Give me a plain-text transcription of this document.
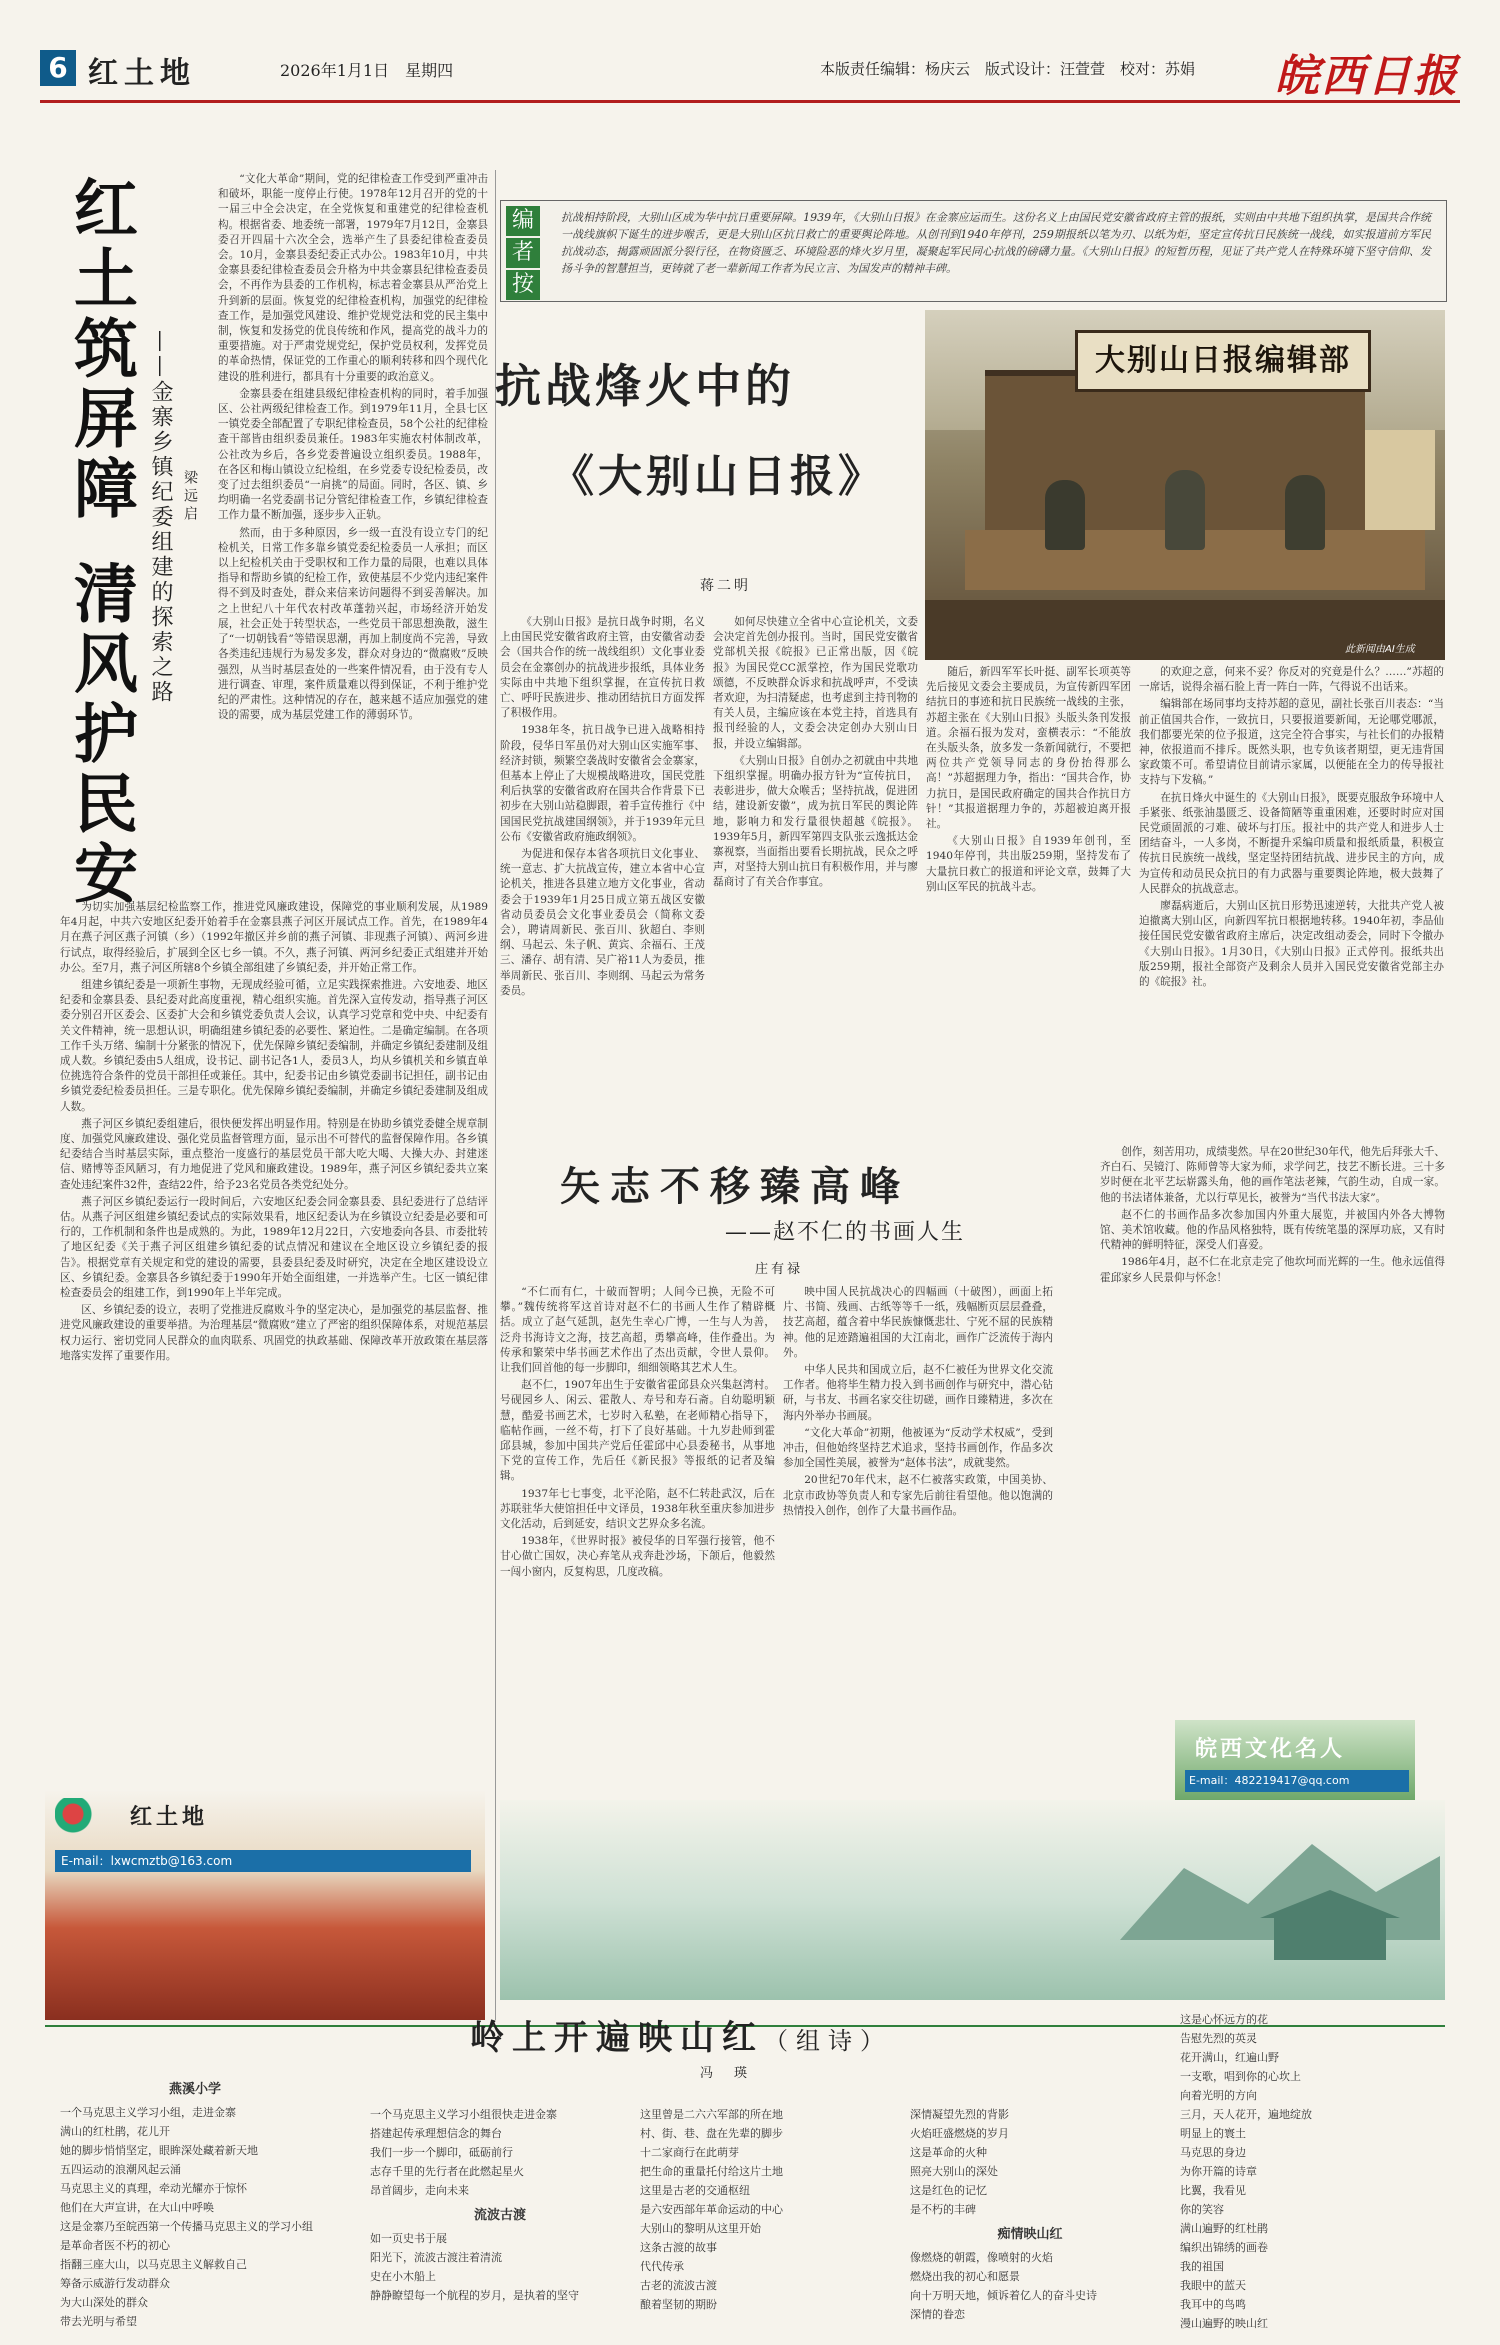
6 红土地	2026年1月1日　星期四	本版责任编辑：杨庆云　版式设计：汪萱萱　校对：苏娟 皖西日报
红土筑屏障
清风护民安
——金寨乡镇纪委组建的探索之路 梁远启

“文化大革命”期间，党的纪律检查工作受到严重冲击和破坏，职能一度停止行使。1978年12月召开的党的十一届三中全会决定，在全党恢复和重建党的纪律检查机构。根据省委、地委统一部署，1979年7月12日，金寨县委召开四届十六次全会，选举产生了县委纪律检查委员会。10月，金寨县委纪委正式办公。1983年10月，中共金寨县委纪律检查委员会升格为中共金寨县纪律检查委员会，不再作为县委的工作机构，标志着金寨县从严治党上升到新的层面。恢复党的纪律检查机构，加强党的纪律检查工作，是加强党风建设、维护党规党法和党的民主集中制，恢复和发扬党的优良传统和作风，提高党的战斗力的重要措施。对于严肃党规党纪，保护党员权利，发挥党员的革命热情，保证党的工作重心的顺利转移和四个现代化建设的胜利进行，都具有十分重要的政治意义。

金寨县委在组建县级纪律检查机构的同时，着手加强区、公社两级纪律检查工作。到1979年11月，全县七区一镇党委全部配置了专职纪律检查员，58个公社的纪律检查干部皆由组织委员兼任。1983年实施农村体制改革，公社改为乡后，各乡党委普遍设立组织委员。1988年，在各区和梅山镇设立纪检组，在乡党委专设纪检委员，改变了过去组织委员“一肩挑”的局面。同时，各区、镇、乡均明确一名党委副书记分管纪律检查工作，乡镇纪律检查工作力量不断加强，逐步步入正轨。

然而，由于多种原因，乡一级一直没有设立专门的纪检机关，日常工作多靠乡镇党委纪检委员一人承担；而区以上纪检机关由于受职权和工作力量的局限，也难以具体指导和帮助乡镇的纪检工作，致使基层不少党内违纪案件得不到及时查处，群众来信来访问题得不到妥善解决。加之上世纪八十年代农村改革蓬勃兴起，市场经济开始发展，社会正处于转型状态，一些党员干部思想涣散，滋生了“一切朝钱看”等错误思潮，再加上制度尚不完善，导致各类违纪违规行为易发多发，群众对身边的“微腐败”反映强烈，从当时基层查处的一些案件情况看，由于没有专人进行调查、审理，案件质量难以得到保证，不利于维护党纪的严肃性。这种情况的存在，越来越不适应加强党的建设的需要，成为基层党建工作的薄弱环节。

为切实加强基层纪检监察工作，推进党风廉政建设，保障党的事业顺利发展，从1989年4月起，中共六安地区纪委开始着手在金寨县燕子河区开展试点工作。首先，在1989年4月在燕子河区燕子河镇（乡）（1992年撤区并乡前的燕子河镇、非现燕子河镇）、两河乡进行试点，取得经验后，扩展到全区七乡一镇。不久，燕子河镇、两河乡纪委正式组建并开始办公。至7月，燕子河区所辖8个乡镇全部组建了乡镇纪委，并开始正常工作。

组建乡镇纪委是一项新生事物，无现成经验可循，立足实践探索推进。六安地委、地区纪委和金寨县委、县纪委对此高度重视，精心组织实施。首先深入宣传发动，指导燕子河区委分别召开区委会、区委扩大会和乡镇党委负责人会议，认真学习党章和党中央、中纪委有关文件精神，统一思想认识，明确组建乡镇纪委的必要性、紧迫性。二是确定编制。在各项工作千头万绪、编制十分紧张的情况下，优先保障乡镇纪委编制，并确定乡镇纪委建制及组成人数。乡镇纪委由5人组成，设书记、副书记各1人，委员3人，均从乡镇机关和乡镇直单位挑选符合条件的党员干部担任或兼任。其中，纪委书记由乡镇党委副书记担任，副书记由乡镇党委纪检委员担任。三是专职化。优先保障乡镇纪委编制，并确定乡镇纪委建制及组成人数。

燕子河区乡镇纪委组建后，很快便发挥出明显作用。特别是在协助乡镇党委健全规章制度、加强党风廉政建设、强化党员监督管理方面，显示出不可替代的监督保障作用。各乡镇纪委结合当时基层实际，重点整治一度盛行的基层党员干部大吃大喝、大操大办、封建迷信、赌博等歪风陋习，有力地促进了党风和廉政建设。1989年，燕子河区乡镇纪委共立案查处违纪案件32件，查结22件，给予23名党员各类党纪处分。

燕子河区乡镇纪委运行一段时间后，六安地区纪委会同金寨县委、县纪委进行了总结评估。从燕子河区组建乡镇纪委试点的实际效果看，地区纪委认为在乡镇设立纪委是必要和可行的，工作机制和条件也是成熟的。为此，1989年12月22日，六安地委向各县、市委批转了地区纪委《关于燕子河区组建乡镇纪委的试点情况和建议在全地区设立乡镇纪委的报告》。根据党章有关规定和党的建设的需要，县委县纪委及时研究，决定在全地区建设设立区、乡镇纪委。金寨县各乡镇纪委于1990年开始全面组建，一并选举产生。七区一镇纪律检查委员会的组建工作，到1990年上半年完成。

区、乡镇纪委的设立，表明了党推进反腐败斗争的坚定决心，是加强党的基层监督、推进党风廉政建设的重要举措。为治理基层“微腐败”建立了严密的组织保障体系，对规范基层权力运行、密切党同人民群众的血肉联系、巩固党的执政基础、保障改革开放政策在基层落地落实发挥了重要作用。

红土地
E-mail：lxwcmztb@163.com
编
者
按
抗战相持阶段，大别山区成为华中抗日重要屏障。1939年，《大别山日报》在金寨应运而生。这份名义上由国民党安徽省政府主管的报纸，实则由中共地下组织执掌，是国共合作统一战线旗帜下诞生的进步喉舌，更是大别山区抗日救亡的重要舆论阵地。从创刊到1940年停刊，259期报纸以笔为刃、以纸为炬，坚定宣传抗日民族统一战线，如实报道前方军民抗战动态，揭露顽固派分裂行径，在物资匮乏、环境险恶的烽火岁月里，凝聚起军民同心抗战的磅礴力量。《大别山日报》的短暂历程，见证了共产党人在特殊环境下坚守信仰、发扬斗争的智慧担当，更铸就了老一辈新闻工作者为民立言、为国发声的精神丰碑。
抗战烽火中的
《大别山日报》
蒋二明
大别山日报编辑部
此新闻由AI生成

《大别山日报》是抗日战争时期，名义上由国民党安徽省政府主管，由安徽省动委会（国共合作的统一战线组织）文化事业委员会在金寨创办的抗战进步报纸，具体业务实际由中共地下组织掌握，在宣传抗日救亡、呼吁民族进步、推动团结抗日方面发挥了积极作用。

1938年冬，抗日战争已进入战略相持阶段，侵华日军虽仍对大别山区实施军事、经济封锁，频繁空袭战时安徽省会金寨家，但基本上停止了大规模战略进攻，国民党胜利后执掌的安徽省政府在国共合作背景下已初步在大别山站稳脚跟，着手宣传推行《中国国民党抗战建国纲领》，并于1939年元旦公布《安徽省政府施政纲领》。

为促进和保存本省各项抗日文化事业、统一意志、扩大抗战宣传，建立本省中心宣论机关，推进各县建立地方文化事业，省动委会于1939年1月25日成立第五战区安徽省动员委员会文化事业委员会（简称文委会），聘请周新民、张百川、狄超白、李则纲、马起云、朱子帆、黄宾、余福石、王茂三、潘存、胡有清、吴广裕11人为委员，推举周新民、张百川、李则纲、马起云为常务委员。

如何尽快建立全省中心宣论机关，文委会决定首先创办报刊。当时，国民党安徽省党部机关报《皖报》已正常出版，因《皖报》为国民党CC派掌控，作为国民党歌功颂德，不反映群众诉求和抗战呼声，不受读者欢迎，为扫清疑虑，也考虑到主持刊物的有关人员，主编应该在本党主持，首选具有报刊经验的人，文委会决定创办大别山日报，并设立编辑部。

《大别山日报》自创办之初就由中共地下组织掌握。明确办报方针为“宣传抗日，表彰进步，做大众喉舌；坚持抗战，促进团结，建设新安徽”，成为抗日军民的舆论阵地，影响力和发行量很快超越《皖报》。1939年5月，新四军第四支队张云逸抵达金寨视察，当面指出要看长期抗战，民众之呼声，对坚持大别山抗日有积极作用，并与廖磊商讨了有关合作事宜。

随后，新四军军长叶挺、副军长项英等先后接见文委会主要成员，为宣传新四军团结抗日的事迹和抗日民族统一战线的主张，苏超主张在《大别山日报》头版头条刊发报道。余福石报为发对，蛮横表示：“不能放在头版头条，放多发一条新闻就行，不要把两位共产党领导同志的身份抬得那么高！”苏超据理力争，指出：“国共合作，协力抗日，是国民政府确定的国共合作抗日方针！”其报道据理力争的，苏超被迫离开报社。

《大别山日报》自1939年创刊，至1940年停刊，共出版259期，坚持发布了大量抗日救亡的报道和评论文章，鼓舞了大别山区军民的抗战斗志。

的欢迎之意，何来不妥？你反对的究竟是什么？……”苏超的一席话，说得余福石脸上青一阵白一阵，气得说不出话来。

编辑部在场同事均支持苏超的意见，副社长张百川表态：“当前正值国共合作，一致抗日，只要报道要新闻，无论哪党哪派，我们都要光荣的位予报道，这完全符合事实，与社长们的办报精神，依报道而不排斥。既然头职，也专负该者期望，更无违背国家政策不可。希望请位目前请示家属，以便能在全力的传导报社支持与下发稿。”

在抗日烽火中诞生的《大别山日报》，既要克服敌争环境中人手紧张、纸张油墨匮乏、设备简陋等重重困难，还要时时应对国民党顽固派的刁难、破坏与打压。报社中的共产党人和进步人士团结奋斗，一人多岗，不断提升采编印质量和报纸质量，积极宣传抗日民族统一战线，坚定坚持团结抗战、进步民主的方向，成为宣传和动员民众抗日的有力武器与重要舆论阵地，极大鼓舞了人民群众的抗战意志。

廖磊病逝后，大别山区抗日形势迅速逆转，大批共产党人被迫撤离大别山区，向新四军抗日根据地转移。1940年初，李品仙接任国民党安徽省政府主席后，决定改组动委会，同时下令撤办《大别山日报》。1月30日，《大别山日报》正式停刊。报纸共出版259期，报社全部资产及剩余人员并入国民党安徽省党部主办的《皖报》社。

矢志不移臻高峰
——赵不仁的书画人生
庄有禄

“不仁而有仁，十破而智明；人间今已换，无险不可攀。”魏传统将军这首诗对赵不仁的书画人生作了精辟概括。成立了赵气延凯，赵先生幸心广博，一生与人为善，泛舟书海诗文之海，技艺高超，勇攀高峰，佳作叠出。为传承和繁荣中华书画艺术作出了杰出贡献，令世人景仰。让我们回首他的每一步脚印，细细领略其艺术人生。

赵不仁，1907年出生于安徽省霍邱县众兴集赵湾村。号砚园乡人、闲云、霍散人、寿号和寿石斋。自幼聪明颖慧，酷爱书画艺术，七岁时入私塾，在老师精心指导下，临帖作画，一丝不苟，打下了良好基础。十九岁赴师到霍邱县城，参加中国共产党后任霍邱中心县委秘书，从事地下党的宣传工作，先后任《新民报》等报纸的记者及编辑。

1937年七七事变，北平沦陷，赵不仁转赴武汉，后在苏联驻华大使馆担任中文译员，1938年秋至重庆参加进步文化活动，后到延安，结识文艺界众多名流。

1938年，《世界时报》被侵华的日军强行接管，他不甘心做亡国奴，决心弃笔从戎奔赴沙场，下颌后，他毅然一闯小窗内，反复构思，几度改稿。

映中国人民抗战决心的四幅画（十破图），画面上拓片、书简、残画、古纸等等千一纸，残幅断页层层叠叠，技艺高超，蕴含着中华民族慷慨悲壮、宁死不屈的民族精神。他的足迹踏遍祖国的大江南北，画作广泛流传于海内外。

中华人民共和国成立后，赵不仁被任为世界文化交流工作者。他将毕生精力投入到书画创作与研究中，潜心钻研，与书友、书画名家交往切磋，画作日臻精进，多次在海内外举办书画展。

“文化大革命”初期，他被诬为“反动学术权威”，受到冲击，但他始终坚持艺术追求，坚持书画创作，作品多次参加全国性美展，被誉为“赵体书法”，成就斐然。

20世纪70年代末，赵不仁被落实政策，中国美协、北京市政协等负责人和专家先后前往看望他。他以饱满的热情投入创作，创作了大量书画作品。

创作，刻苦用功，成绩斐然。早在20世纪30年代，他先后拜张大千、齐白石、吴镜汀、陈师曾等大家为师，求学问艺，技艺不断长进。三十多岁时便在北平艺坛崭露头角，他的画作笔法老辣，气韵生动，自成一家。他的书法诸体兼备，尤以行草见长，被誉为“当代书法大家”。

赵不仁的书画作品多次参加国内外重大展览，并被国内外各大博物馆、美术馆收藏。他的作品风格独特，既有传统笔墨的深厚功底，又有时代精神的鲜明特征，深受人们喜爱。

1986年4月，赵不仁在北京走完了他坎坷而光辉的一生。他永远值得霍邱家乡人民景仰与怀念！

皖西文化名人
E-mail：482219417@qq.com
岭上开遍映山红（组诗）
冯　瑛
燕溪小学
一个马克思主义学习小组，走进金寨
满山的红杜鹃，花儿开
她的脚步悄悄坚定，眼眸深处藏着新天地
五四运动的浪潮风起云涌
马克思主义的真理，牵动光耀亦于惊怀
他们在大声宣讲，在大山中呼唤
这是金寨乃至皖西第一个传播马克思主义的学习小组
是革命者医不朽的初心
指翻三座大山，以马克思主义解救自己
筹备示威游行发动群众
为大山深处的群众
带去光明与希望
一个马克思主义学习小组很快走进金寨
搭建起传承理想信念的舞台
我们一步一个脚印，砥砺前行
志存千里的先行者在此燃起星火
昂首阔步，走向未来
流波古渡
如一页史书于展
阳光下，流波古渡注着清流
史在小木船上
静静瞭望每一个航程的岁月，是执着的坚守
这里曾是二六六军部的所在地
村、街、巷、盘在先辈的脚步
十二家商行在此萌芽
把生命的重量托付给这片土地
这里是古老的交通枢纽
是六安西部年革命运动的中心
大别山的黎明从这里开始
这条古渡的故事
代代传承
古老的流波古渡
酿着坚韧的期盼
深情凝望先烈的背影
火焰旺盛燃烧的岁月
这是革命的火种
照亮大别山的深处
这是红色的记忆
是不朽的丰碑
痴情映山红
像燃烧的朝霞，像喷射的火焰
燃烧出我的初心和愿景
向十万明天地，倾诉着亿人的奋斗史诗
深情的眷恋
这是心怀远方的花
告慰先烈的英灵
花开满山，红遍山野
一支歌，唱到你的心坎上
向着光明的方向
三月，天人花开，遍地绽放
明显上的寰土
马克思的身边
为你开篇的诗章
比翼，我看见
你的笑容
满山遍野的红杜鹃
编织出锦绣的画卷
我的祖国
我眼中的蓝天
我耳中的鸟鸣
漫山遍野的映山红
